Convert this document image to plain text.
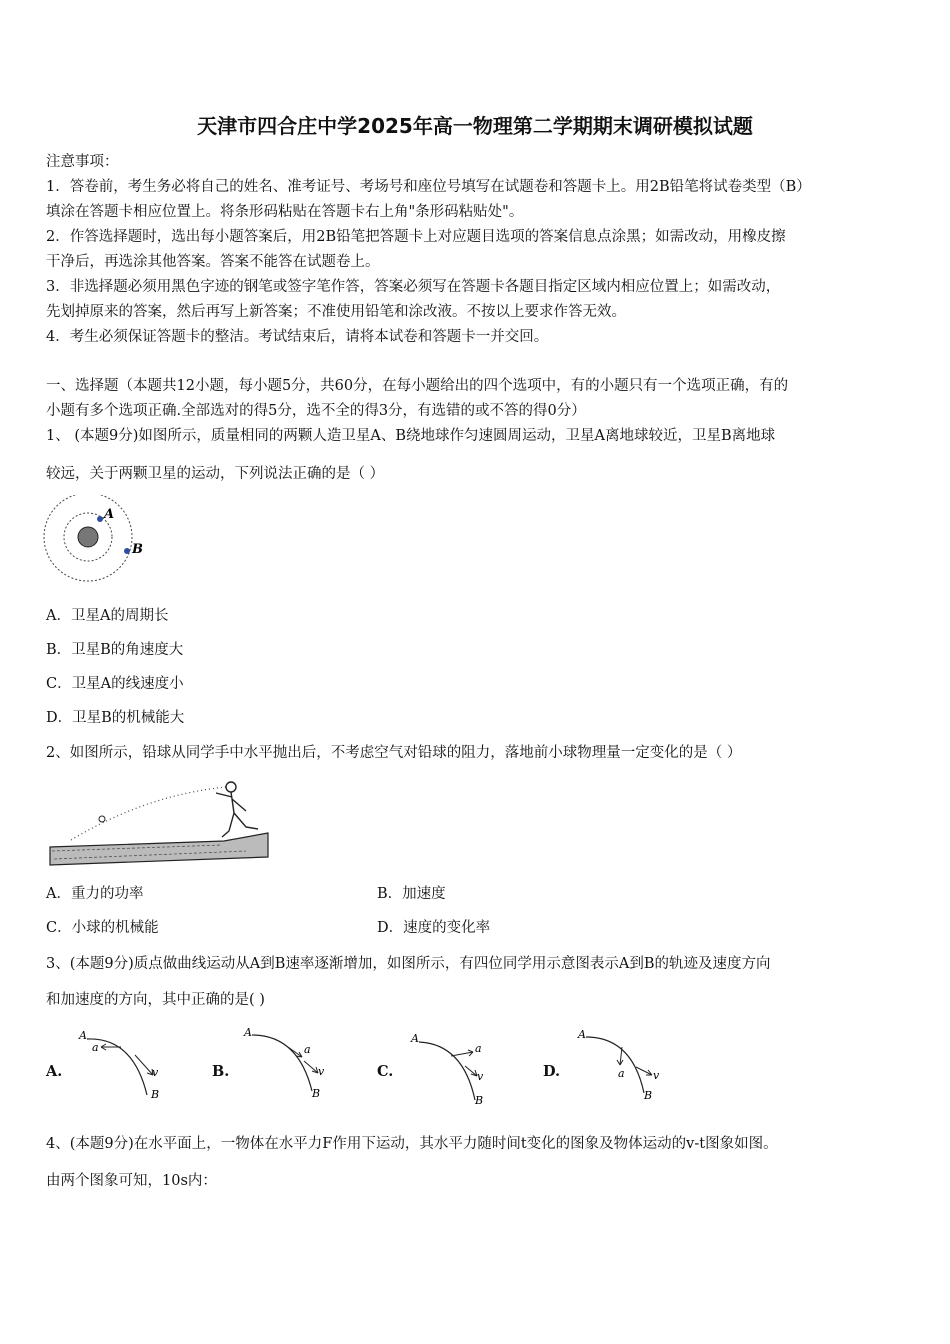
天津市四合庄中学2025年高一物理第二学期期末调研模拟试题
注意事项：
1．答卷前，考生务必将自己的姓名、准考证号、考场号和座位号填写在试题卷和答题卡上。用2B铅笔将试卷类型（B）
填涂在答题卡相应位置上。将条形码粘贴在答题卡右上角"条形码粘贴处"。
2．作答选择题时，选出每小题答案后，用2B铅笔把答题卡上对应题目选项的答案信息点涂黑；如需改动，用橡皮擦
干净后，再选涂其他答案。答案不能答在试题卷上。
3．非选择题必须用黑色字迹的钢笔或签字笔作答，答案必须写在答题卡各题目指定区域内相应位置上；如需改动，
先划掉原来的答案，然后再写上新答案；不准使用铅笔和涂改液。不按以上要求作答无效。
4．考生必须保证答题卡的整洁。考试结束后，请将本试卷和答题卡一并交回。
一、选择题（本题共12小题，每小题5分，共60分，在每小题给出的四个选项中，有的小题只有一个选项正确，有的
小题有多个选项正确.全部选对的得5分，选不全的得3分，有选错的或不答的得0分）
1、 (本题9分)如图所示，质量相同的两颗人造卫星A、B绕地球作匀速圆周运动，卫星A离地球较近，卫星B离地球
较远，关于两颗卫星的运动，下列说法正确的是（ ）
A
B
A．卫星A的周期长
B．卫星B的角速度大
C．卫星A的线速度小
D．卫星B的机械能大
2、如图所示，铅球从同学手中水平抛出后，不考虑空气对铅球的阻力，落地前小球物理量一定变化的是（ ）
A．重力的功率	B．加速度
C．小球的机械能	D．速度的变化率
3、(本题9分)质点做曲线运动从A到B速率逐渐增加，如图所示，有四位同学用示意图表示A到B的轨迹及速度方向
和加速度的方向，其中正确的是( )
A.
A
a
v
B
B.
A
a
v
B
C.
A
a
v
B
D.
A
a	v
B
4、(本题9分)在水平面上，一物体在水平力F作用下运动，其水平力随时间t变化的图象及物体运动的v-t图象如图。
由两个图象可知，10s内：
